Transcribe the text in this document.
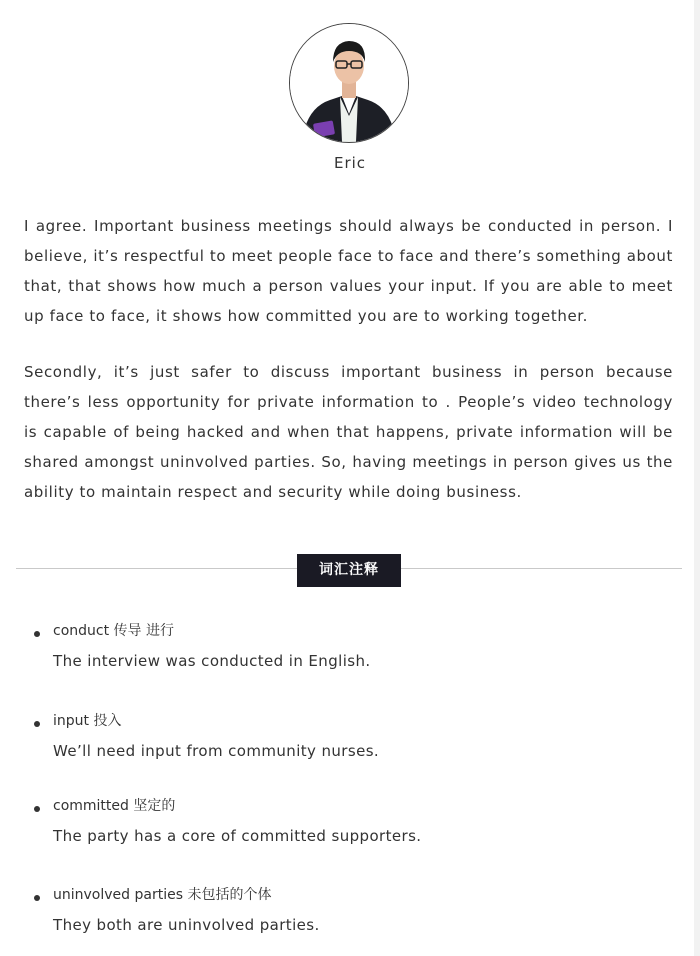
Eric

I agree. Important business meetings should always be conducted in person. I believe, it’s respectful to meet people face to face and there’s something about that, that shows how much a person values your input. If you are able to meet up face to face, it shows how committed you are to working together.

Secondly, it’s just safer to discuss important business in person because there’s less opportunity for private information to . People’s video technology is capable of being hacked and when that happens, private information will be shared amongst uninvolved parties. So, having meetings in person gives us the ability to maintain respect and security while doing business.

词汇注释
conduct 传导 进行
The interview was conducted in English.
input 投入
We’ll need input from community nurses.
committed 坚定的
The party has a core of committed supporters.
uninvolved parties 未包括的个体
They both are uninvolved parties.
